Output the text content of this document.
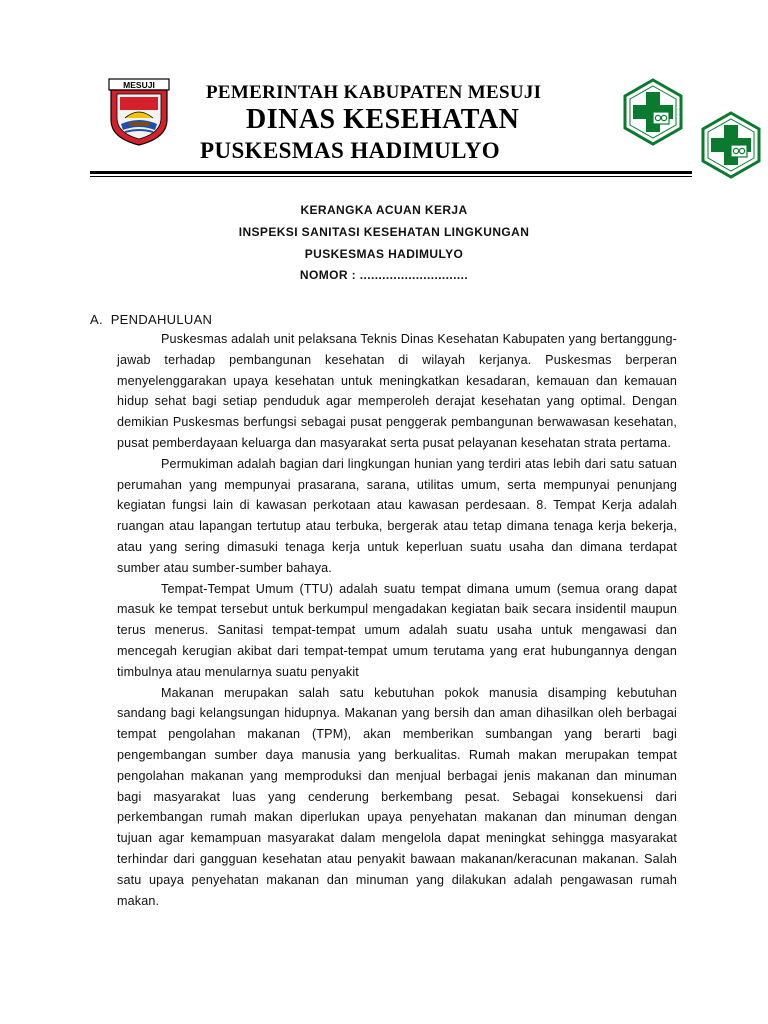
MESUJI	PEMERINTAH KABUPATEN MESUJI
DINAS KESEHATAN
PUSKESMAS HADIMULYO
KERANGKA ACUAN KERJA
INSPEKSI SANITASI KESEHATAN LINGKUNGAN
PUSKESMAS HADIMULYO
NOMOR : .............................
A.  PENDAHULUAN

Puskesmas adalah unit pelaksana Teknis Dinas Kesehatan Kabupaten yang bertanggung-jawab terhadap pembangunan kesehatan di wilayah kerjanya. Puskesmas berperan menyelenggarakan upaya kesehatan untuk meningkatkan kesadaran, kemauan dan kemauan hidup sehat bagi setiap penduduk agar memperoleh derajat kesehatan yang optimal. Dengan demikian Puskesmas berfungsi sebagai pusat penggerak pembangunan berwawasan kesehatan, pusat pemberdayaan keluarga dan masyarakat serta pusat pelayanan kesehatan strata pertama.

Permukiman adalah bagian dari lingkungan hunian yang terdiri atas lebih dari satu satuan perumahan yang mempunyai prasarana, sarana, utilitas umum, serta mempunyai penunjang kegiatan fungsi lain di kawasan perkotaan atau kawasan perdesaan. 8. Tempat Kerja adalah ruangan atau lapangan tertutup atau terbuka, bergerak atau tetap dimana tenaga kerja bekerja, atau yang sering dimasuki tenaga kerja untuk keperluan suatu usaha dan dimana terdapat sumber atau sumber-sumber bahaya.

Tempat-Tempat Umum (TTU) adalah suatu tempat dimana umum (semua orang dapat masuk ke tempat tersebut untuk berkumpul mengadakan kegiatan baik secara insidentil maupun terus menerus. Sanitasi tempat-tempat umum adalah suatu usaha untuk mengawasi dan mencegah kerugian akibat dari tempat-tempat umum terutama yang erat hubungannya dengan timbulnya atau menularnya suatu penyakit

Makanan merupakan salah satu kebutuhan pokok manusia disamping kebutuhan sandang bagi kelangsungan hidupnya. Makanan yang bersih dan aman dihasilkan oleh berbagai tempat pengolahan makanan (TPM), akan memberikan sumbangan yang berarti bagi pengembangan sumber daya manusia yang berkualitas. Rumah makan merupakan tempat pengolahan makanan yang memproduksi dan menjual berbagai jenis makanan dan minuman bagi masyarakat luas yang cenderung berkembang pesat. Sebagai konsekuensi dari perkembangan rumah makan diperlukan upaya penyehatan makanan dan minuman dengan tujuan agar kemampuan masyarakat dalam mengelola dapat meningkat sehingga masyarakat terhindar dari gangguan kesehatan atau penyakit bawaan makanan/keracunan makanan. Salah satu upaya penyehatan makanan dan minuman yang dilakukan adalah pengawasan rumah makan.
